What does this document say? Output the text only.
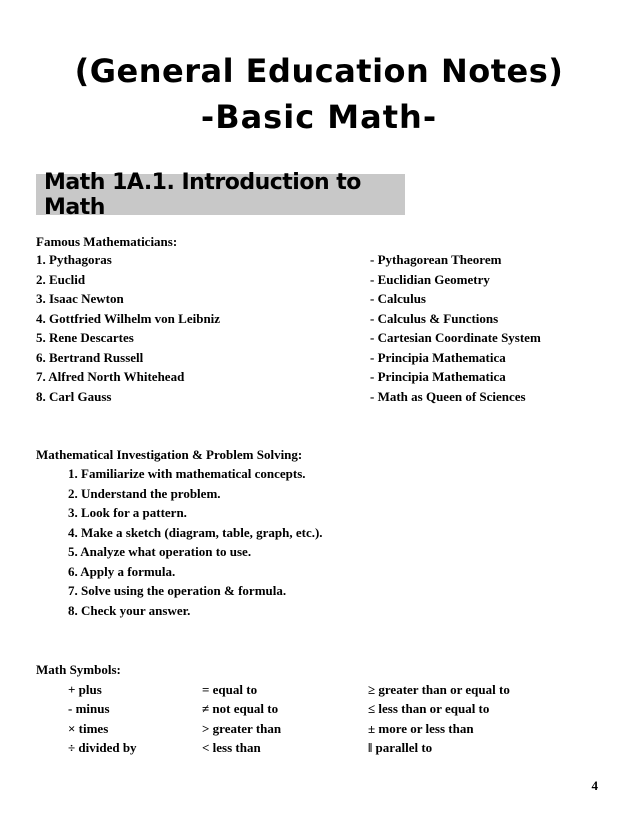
(General Education Notes)
-Basic Math-
Math 1A.1. Introduction to Math
Famous Mathematicians:
1. Pythagoras	- Pythagorean Theorem
2. Euclid	- Euclidian Geometry
3. Isaac Newton	- Calculus
4. Gottfried Wilhelm von Leibniz	- Calculus & Functions
5. Rene Descartes	- Cartesian Coordinate System
6. Bertrand Russell	- Principia Mathematica
7. Alfred North Whitehead	- Principia Mathematica
8. Carl Gauss	- Math as Queen of Sciences
Mathematical Investigation & Problem Solving:
1. Familiarize with mathematical concepts.
2. Understand the problem.
3. Look for a pattern.
4. Make a sketch (diagram, table, graph, etc.).
5. Analyze what operation to use.
6. Apply a formula.
7. Solve using the operation & formula.
8. Check your answer.
Math Symbols:
+ plus	= equal to	≥ greater than or equal to
- minus	≠ not equal to	≤ less than or equal to
× times	> greater than	± more or less than
÷ divided by	< less than	‖ parallel to
4
